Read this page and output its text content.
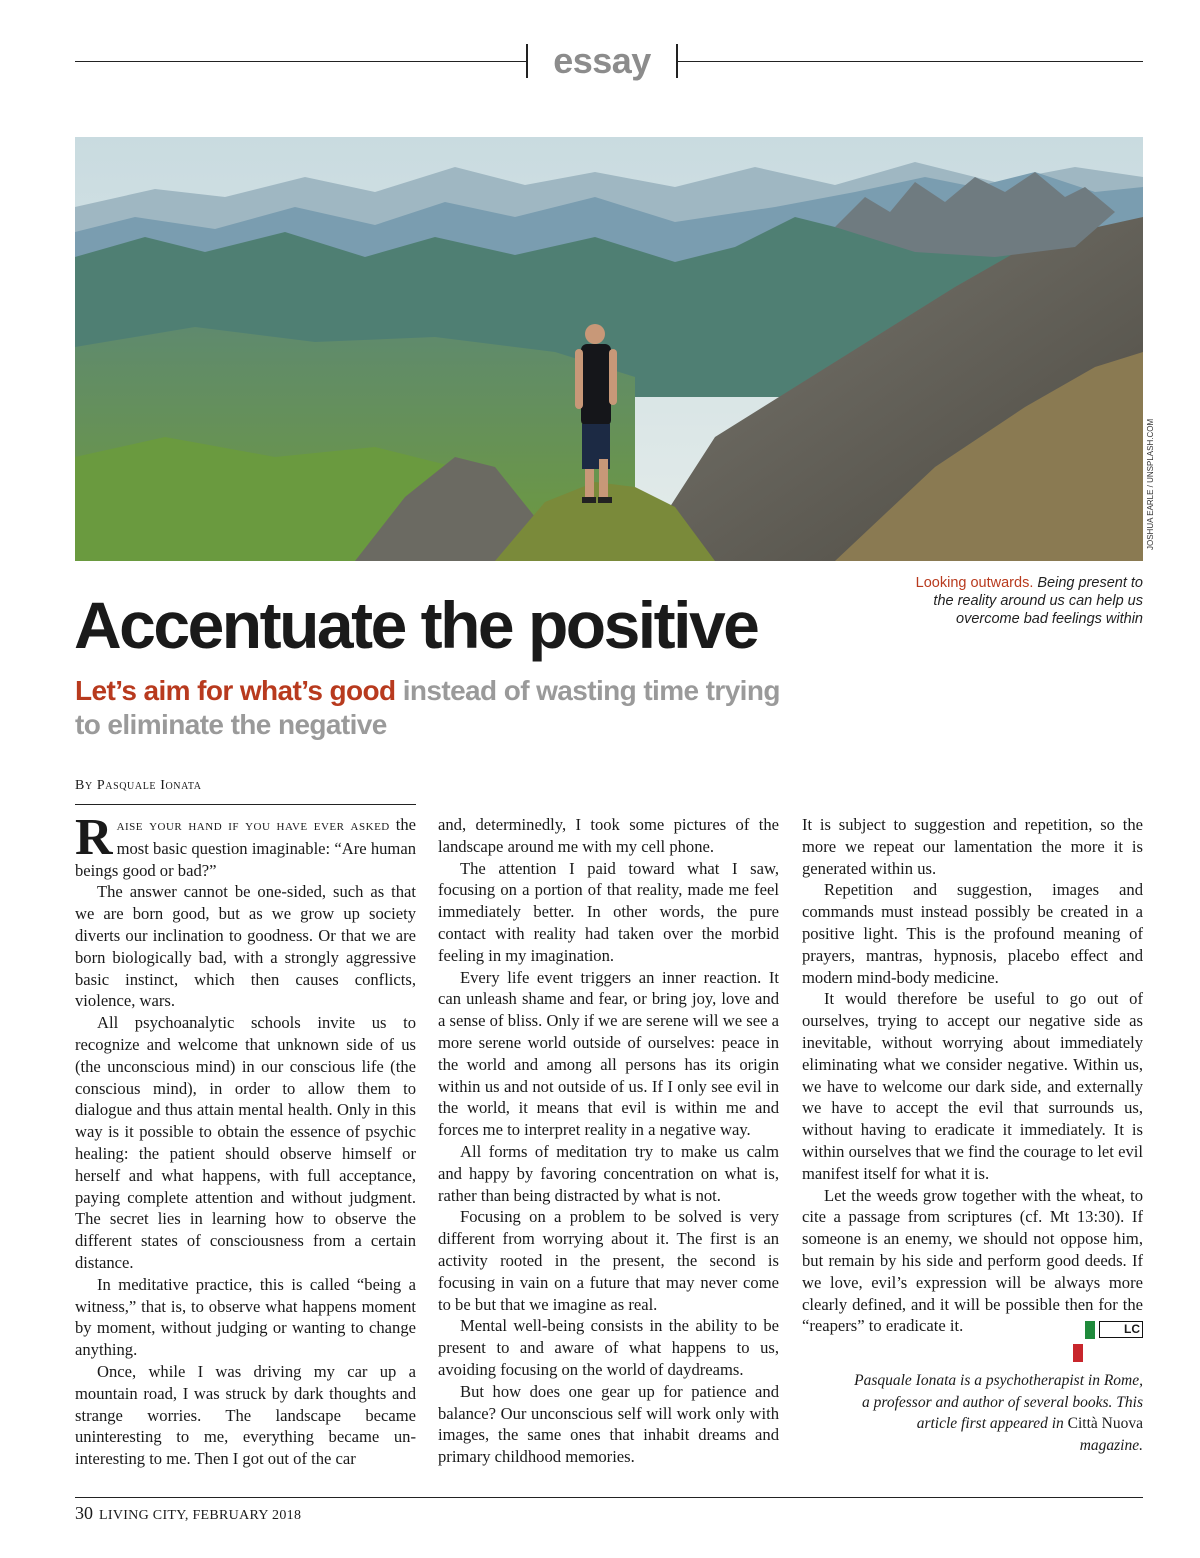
essay
JOSHUA EARLE / UNSPLASH.COM
Looking outwards. Being present to the reality around us can help us overcome bad feelings within
Accentuate the positive

Let’s aim for what’s good instead of wasting time trying to eliminate the negative

By Pasquale Ionata

Raise your hand if you have ever asked the most basic question imaginable: “Are human beings good or bad?”

The answer cannot be one-sided, such as that we are born good, but as we grow up society diverts our inclination to goodness. Or that we are born biologically bad, with a strongly aggressive basic instinct, which then causes conflicts, violence, wars.

All psychoanalytic schools invite us to recognize and welcome that unknown side of us (the unconscious mind) in our conscious life (the conscious mind), in order to allow them to dialogue and thus attain mental health. Only in this way is it possible to obtain the essence of psychic healing: the patient should observe himself or herself and what happens, with full acceptance, paying complete attention and without judgment. The secret lies in learning how to observe the different states of consciousness from a certain distance.

In meditative practice, this is called “being a witness,” that is, to observe what happens moment by moment, without judging or wanting to change anything.

Once, while I was driving my car up a mountain road, I was struck by dark thoughts and strange worries. The landscape became uninteresting to me, everything became uninteresting to me. Then I got out of the car

and, determinedly, I took some pictures of the landscape around me with my cell phone.

The attention I paid toward what I saw, focusing on a portion of that reality, made me feel immediately better. In other words, the pure contact with reality had taken over the morbid feeling in my imagination.

Every life event triggers an inner reaction. It can unleash shame and fear, or bring joy, love and a sense of bliss. Only if we are serene will we see a more serene world outside of ourselves: peace in the world and among all persons has its origin within us and not outside of us. If I only see evil in the world, it means that evil is within me and forces me to interpret reality in a negative way.

All forms of meditation try to make us calm and happy by favoring concentration on what is, rather than being distracted by what is not.

Focusing on a problem to be solved is very different from worrying about it. The first is an activity rooted in the present, the second is focusing in vain on a future that may never come to be but that we imagine as real.

Mental well-being consists in the ability to be present to and aware of what happens to us, avoiding focusing on the world of daydreams.

But how does one gear up for patience and balance? Our unconscious self will work only with images, the same ones that inhabit dreams and primary childhood memories.

It is subject to suggestion and repetition, so the more we repeat our lamentation the more it is generated within us.

Repetition and suggestion, images and commands must instead possibly be created in a positive light. This is the profound meaning of prayers, mantras, hypnosis, placebo effect and modern mind-body medicine.

It would therefore be useful to go out of ourselves, trying to accept our negative side as inevitable, without worrying about immediately eliminating what we consider negative. Within us, we have to welcome our dark side, and externally we have to accept the evil that surrounds us, without having to eradicate it immediately. It is within ourselves that we find the courage to let evil manifest itself for what it is.

Let the weeds grow together with the wheat, to cite a passage from scriptures (cf. Mt 13:30). If someone is an enemy, we should not oppose him, but remain by his side and perform good deeds. If we love, evil’s expression will be always more clearly defined, and it will be possible then for the “reapers” to eradicate it.	LC

Pasquale Ionata is a psychotherapist in Rome, a professor and author of several books. This article first appeared in Città Nuova magazine.
30 LIVING CITY, FEBRUARY 2018
